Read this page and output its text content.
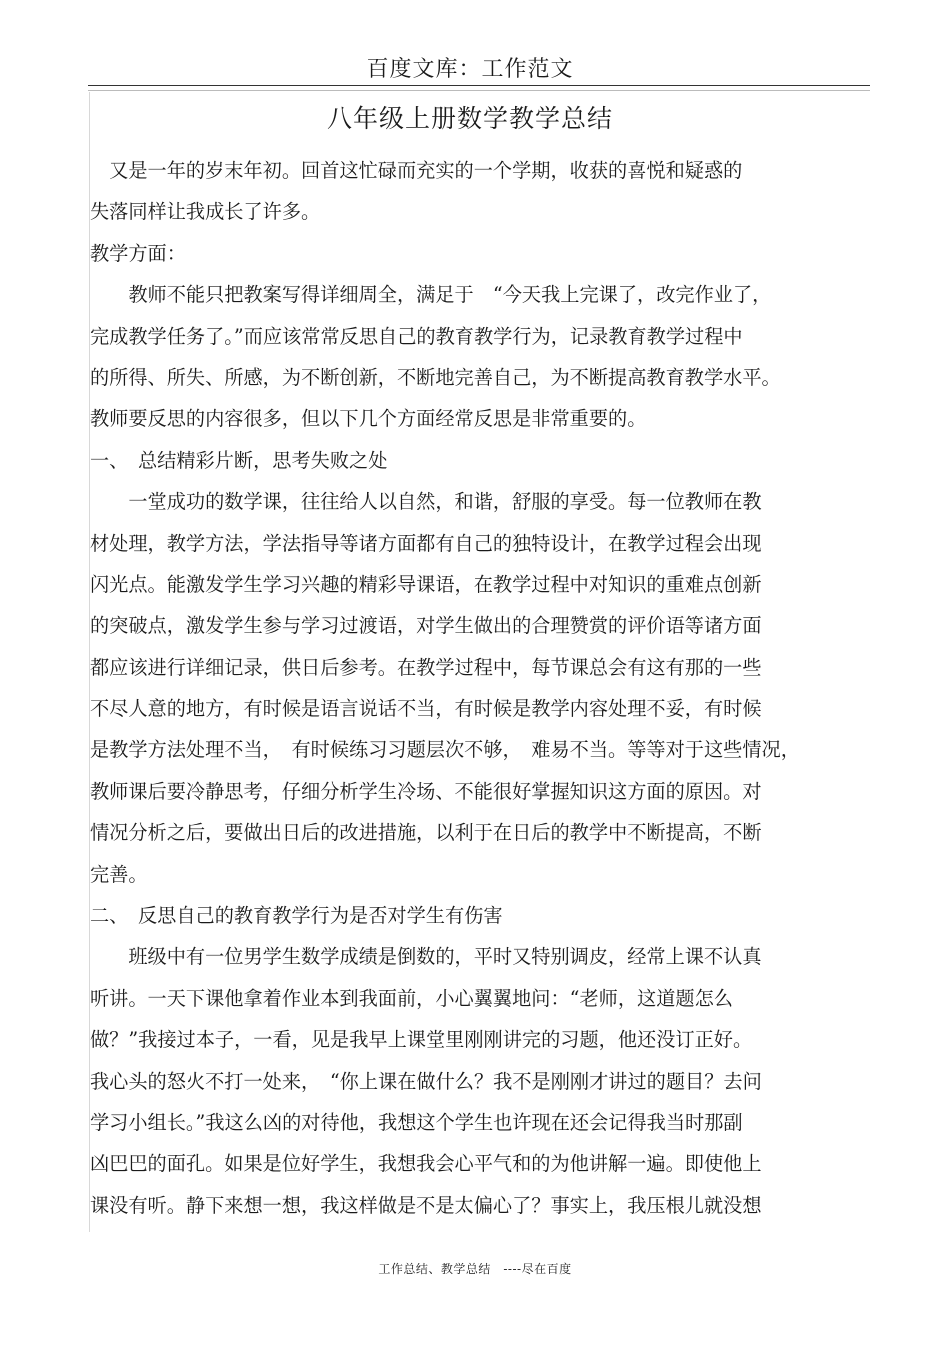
百度文库：工作范文
八年级上册数学教学总结
　又是一年的岁末年初。回首这忙碌而充实的一个学期，收获的喜悦和疑惑的
失落同样让我成长了许多。
教学方面：
　　教师不能只把教案写得详细周全，满足于　“今天我上完课了，改完作业了，
完成教学任务了。”而应该常常反思自己的教育教学行为，记录教育教学过程中
的所得、所失、所感，为不断创新，不断地完善自己，为不断提高教育教学水平。
教师要反思的内容很多，但以下几个方面经常反思是非常重要的。
一、　总结精彩片断，思考失败之处
　　一堂成功的数学课，往往给人以自然，和谐，舒服的享受。每一位教师在教
材处理，教学方法，学法指导等诸方面都有自己的独特设计，在教学过程会出现
闪光点。能激发学生学习兴趣的精彩导课语，在教学过程中对知识的重难点创新
的突破点，激发学生参与学习过渡语，对学生做出的合理赞赏的评价语等诸方面
都应该进行详细记录，供日后参考。在教学过程中，每节课总会有这有那的一些
不尽人意的地方，有时候是语言说话不当，有时候是教学内容处理不妥，有时候
是教学方法处理不当，　有时候练习习题层次不够，　难易不当。等等对于这些情况，
教师课后要冷静思考，仔细分析学生冷场、不能很好掌握知识这方面的原因。对
情况分析之后，要做出日后的改进措施，以利于在日后的教学中不断提高，不断
完善。
二、　反思自己的教育教学行为是否对学生有伤害
　　班级中有一位男学生数学成绩是倒数的，平时又特别调皮，经常上课不认真
听讲。一天下课他拿着作业本到我面前，小心翼翼地问：“老师，这道题怎么
做？”我接过本子，一看，见是我早上课堂里刚刚讲完的习题，他还没订正好。
我心头的怒火不打一处来，　“你上课在做什么？我不是刚刚才讲过的题目？去问
学习小组长。”我这么凶的对待他，我想这个学生也许现在还会记得我当时那副
凶巴巴的面孔。如果是位好学生，我想我会心平气和的为他讲解一遍。即使他上
课没有听。静下来想一想，我这样做是不是太偏心了？事实上，我压根儿就没想
工作总结、教学总结　----尽在百度
